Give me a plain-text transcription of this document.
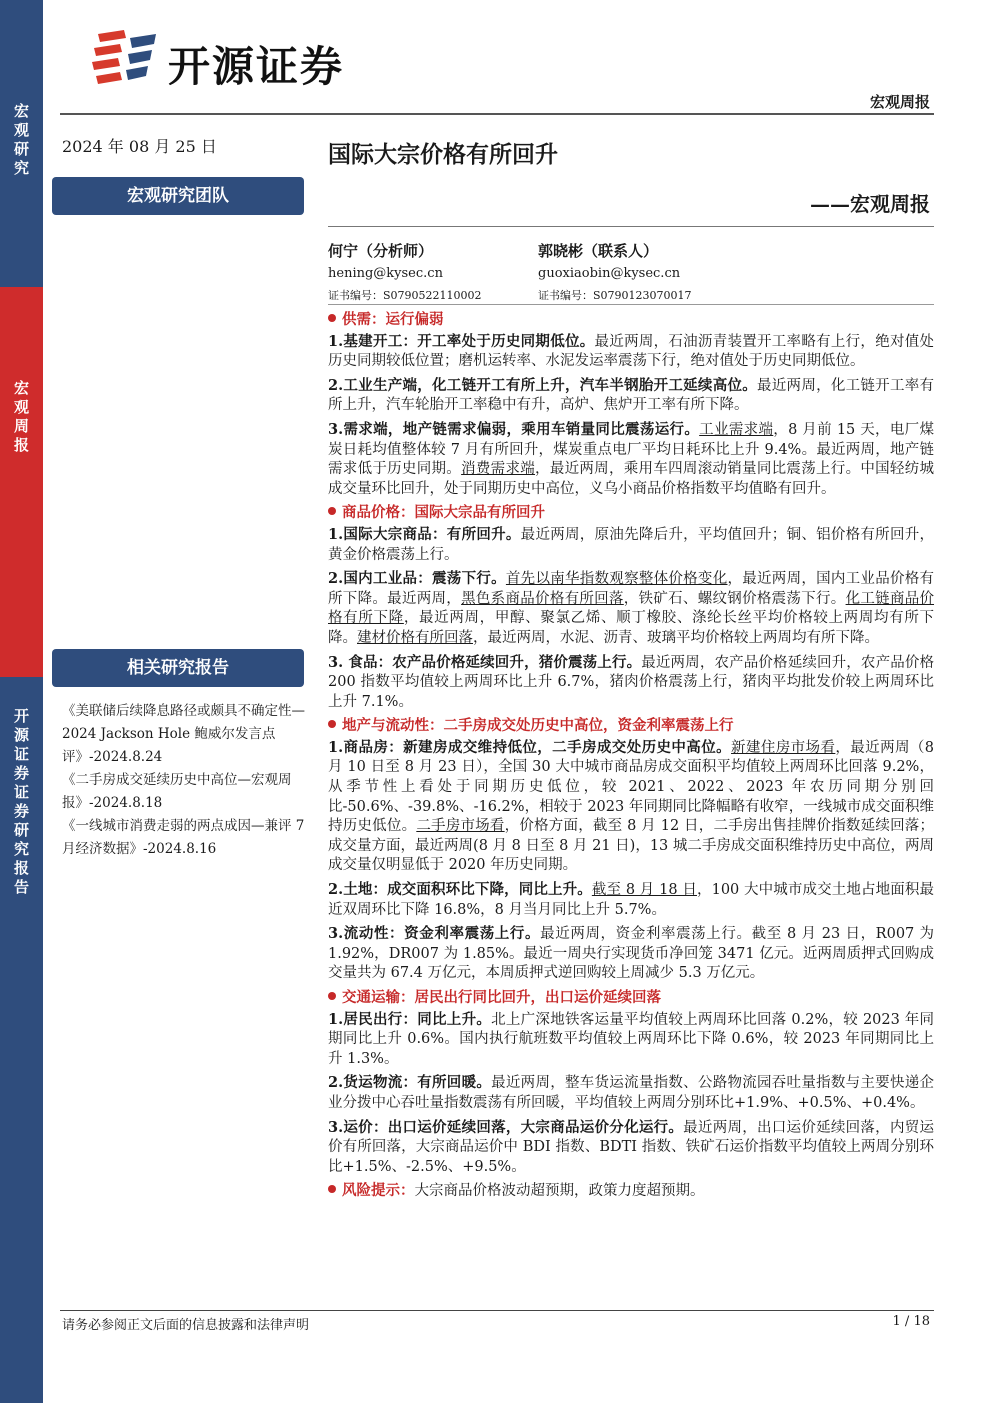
宏观研究
宏观周报
开源证券 证券研究报告
开源证券
宏观周报
2024 年 08 月 25 日	国际大宗价格有所回升
——宏观周报
宏观研究团队
何宁（分析师）
hening@kysec.cn
证书编号：S0790522110002
郭晓彬（联系人）
guoxiaobin@kysec.cn
证书编号：S0790123070017
相关研究报告

《美联储后续降息路径或颇具不确定性—2024 Jackson Hole 鲍威尔发言点评》-2024.8.24

《二手房成交延续历史中高位—宏观周报》-2024.8.18

《一线城市消费走弱的两点成因—兼评 7 月经济数据》-2024.8.16

供需：运行偏弱
1.基建开工：开工率处于历史同期低位。最近两周，石油沥青装置开工率略有上行，绝对值处历史同期较低位置；磨机运转率、水泥发运率震荡下行，绝对值处于历史同期低位。
2.工业生产端，化工链开工有所上升，汽车半钢胎开工延续高位。最近两周，化工链开工率有所上升，汽车轮胎开工率稳中有升，高炉、焦炉开工率有所下降。
3.需求端，地产链需求偏弱，乘用车销量同比震荡运行。工业需求端，8 月前 15 天，电厂煤炭日耗均值整体较 7 月有所回升，煤炭重点电厂平均日耗环比上升 9.4%。最近两周，地产链需求低于历史同期。消费需求端，最近两周，乘用车四周滚动销量同比震荡上行。中国轻纺城成交量环比回升，处于同期历史中高位，义乌小商品价格指数平均值略有回升。
商品价格：国际大宗品有所回升
1.国际大宗商品：有所回升。最近两周，原油先降后升，平均值回升；铜、铝价格有所回升，黄金价格震荡上行。
2.国内工业品：震荡下行。首先以南华指数观察整体价格变化，最近两周，国内工业品价格有所下降。最近两周，黑色系商品价格有所回落，铁矿石、螺纹钢价格震荡下行。化工链商品价格有所下降，最近两周，甲醇、聚氯乙烯、顺丁橡胶、涤纶长丝平均价格较上两周均有所下降。建材价格有所回落，最近两周，水泥、沥青、玻璃平均价格较上两周均有所下降。
3. 食品：农产品价格延续回升，猪价震荡上行。最近两周，农产品价格延续回升，农产品价格 200 指数平均值较上两周环比上升 6.7%，猪肉价格震荡上行，猪肉平均批发价较上两周环比上升 7.1%。
地产与流动性：二手房成交处历史中高位，资金利率震荡上行
1.商品房：新建房成交维持低位，二手房成交处历史中高位。新建住房市场看，最近两周（8 月 10 日至 8 月 23 日），全国 30 大中城市商品房成交面积平均值较上两周环比回落 9.2%，从季节性上看处于同期历史低位，较 2021、2022、2023 年农历同期分别回比-50.6%、-39.8%、-16.2%，相较于 2023 年同期同比降幅略有收窄，一线城市成交面积维持历史低位。二手房市场看，价格方面，截至 8 月 12 日，二手房出售挂牌价指数延续回落；成交量方面，最近两周(8 月 8 日至 8 月 21 日)，13 城二手房成交面积维持历史中高位，两周成交量仅明显低于 2020 年历史同期。
2.土地：成交面积环比下降，同比上升。截至 8 月 18 日，100 大中城市成交土地占地面积最近双周环比下降 16.8%，8 月当月同比上升 5.7%。
3.流动性：资金利率震荡上行。最近两周，资金利率震荡上行。截至 8 月 23 日，R007 为 1.92%，DR007 为 1.85%。最近一周央行实现货币净回笼 3471 亿元。近两周质押式回购成交量共为 67.4 万亿元，本周质押式逆回购较上周减少 5.3 万亿元。
交通运输：居民出行同比回升，出口运价延续回落
1.居民出行：同比上升。北上广深地铁客运量平均值较上两周环比回落 0.2%，较 2023 年同期同比上升 0.6%。国内执行航班数平均值较上两周环比下降 0.6%，较 2023 年同期同比上升 1.3%。
2.货运物流：有所回暖。最近两周，整车货运流量指数、公路物流园吞吐量指数与主要快递企业分拨中心吞吐量指数震荡有所回暖，平均值较上两周分别环比+1.9%、+0.5%、+0.4%。
3.运价：出口运价延续回落，大宗商品运价分化运行。最近两周，出口运价延续回落，内贸运价有所回落，大宗商品运价中 BDI 指数、BDTI 指数、铁矿石运价指数平均值较上两周分别环比+1.5%、-2.5%、+9.5%。
风险提示：大宗商品价格波动超预期，政策力度超预期。
请务必参阅正文后面的信息披露和法律声明	1 / 18
